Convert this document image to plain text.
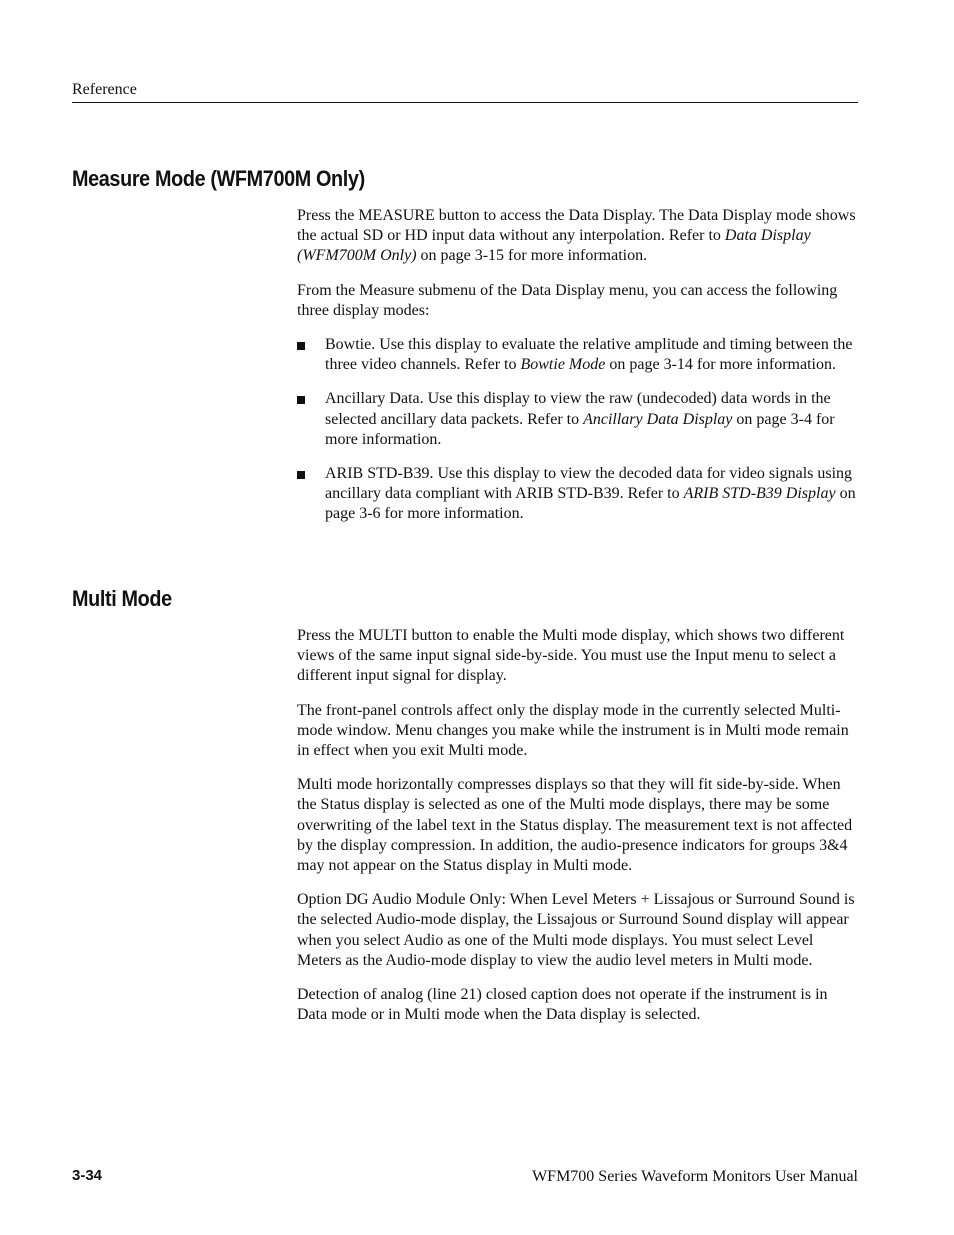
Reference
Measure Mode (WFM700M Only)

Press the MEASURE button to access the Data Display. The Data Display mode shows the actual SD or HD input data without any interpolation. Refer to Data Display (WFM700M Only) on page 3-15 for more information.

From the Measure submenu of the Data Display menu, you can access the following three display modes:

Bowtie. Use this display to evaluate the relative amplitude and timing between the three video channels. Refer to Bowtie Mode on page 3-14 for more information.
Ancillary Data. Use this display to view the raw (undecoded) data words in the selected ancillary data packets. Refer to Ancillary Data Display on page 3-4 for more information.
ARIB STD-B39. Use this display to view the decoded data for video signals using ancillary data compliant with ARIB STD-B39. Refer to ARIB STD-B39 Display on page 3-6 for more information.
Multi Mode

Press the MULTI button to enable the Multi mode display, which shows two different views of the same input signal side-by-side. You must use the Input menu to select a different input signal for display.

The front-panel controls affect only the display mode in the currently selected Multi-mode window. Menu changes you make while the instrument is in Multi mode remain in effect when you exit Multi mode.

Multi mode horizontally compresses displays so that they will fit side-by-side. When the Status display is selected as one of the Multi mode displays, there may be some overwriting of the label text in the Status display. The measurement text is not affected by the display compression. In addition, the audio-presence indicators for groups 3&4 may not appear on the Status display in Multi mode.

Option DG Audio Module Only: When Level Meters + Lissajous or Surround Sound is the selected Audio-mode display, the Lissajous or Surround Sound display will appear when you select Audio as one of the Multi mode displays. You must select Level Meters as the Audio-mode display to view the audio level meters in Multi mode.

Detection of analog (line 21) closed caption does not operate if the instrument is in Data mode or in Multi mode when the Data display is selected.

3-34	WFM700 Series Waveform Monitors User Manual
